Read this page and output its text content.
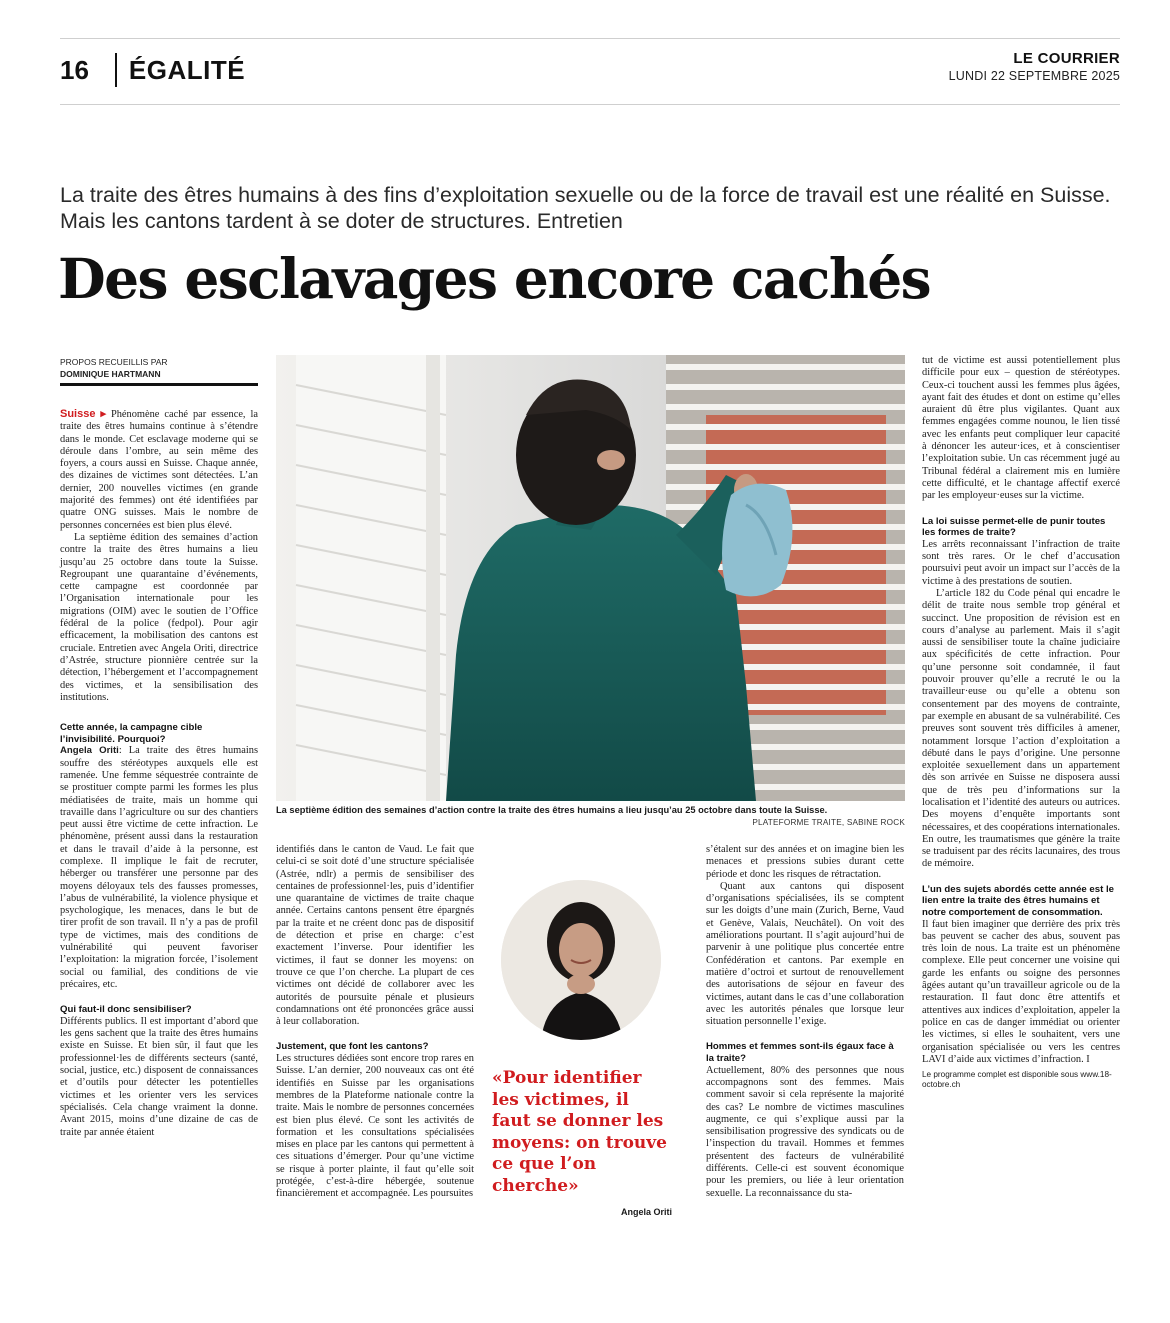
16 ÉGALITÉ	LE COURRIER
LUNDI 22 SEPTEMBRE 2025
La traite des êtres humains à des fins d’exploitation sexuelle ou de la force de travail est une réalité en Suisse. Mais les cantons tardent à se doter de structures. Entretien
Des esclavages encore cachés
PROPOS RECUEILLIS PAR
DOMINIQUE HARTMANN

Suisse ▸ Phénomène caché par essence, la traite des êtres humains continue à s’étendre dans le monde. Cet esclavage moderne qui se déroule dans l’ombre, au sein même des foyers, a cours aussi en Suisse. Chaque année, des dizaines de victimes sont détectées. L’an dernier, 200 nouvelles victimes (en grande majorité des femmes) ont été identifiées par quatre ONG suisses. Mais le nombre de personnes concernées est bien plus élevé.

La septième édition des semaines d’action contre la traite des êtres humains a lieu jusqu’au 25 octobre dans toute la Suisse. Regroupant une quarantaine d’événements, cette campagne est coordonnée par l’Organisation internationale pour les migrations (OIM) avec le soutien de l’Office fédéral de la police (fedpol). Pour agir efficacement, la mobilisation des cantons est cruciale. Entretien avec Angela Oriti, directrice d’Astrée, structure pionnière centrée sur la détection, l’hébergement et l’accompagnement des victimes, et la sensibilisation des institutions.

Cette année, la campagne cible l’invisibilité. Pourquoi?

Angela Oriti: La traite des êtres humains souffre des stéréotypes auxquels elle est ramenée. Une femme séquestrée contrainte de se prostituer compte parmi les formes les plus médiatisées de traite, mais un homme qui travaille dans l’agriculture ou sur des chantiers peut aussi être victime de cette infraction. Le phénomène, présent aussi dans la restauration et dans le travail d’aide à la personne, est complexe. Il implique le fait de recruter, héberger ou transférer une personne par des moyens déloyaux tels des fausses promesses, l’abus de vulnérabilité, la violence physique et psychologique, les menaces, dans le but de tirer profit de son travail. Il n’y a pas de profil type de victimes, mais des conditions de vulnérabilité qui peuvent favoriser l’exploitation: la migration forcée, l’isolement social ou familial, des conditions de vie précaires, etc.

Qui faut-il donc sensibiliser?

Différents publics. Il est important d’abord que les gens sachent que la traite des êtres humains existe en Suisse. Et bien sûr, il faut que les professionnel·les de différents secteurs (santé, social, justice, etc.) disposent de connaissances et d’outils pour détecter les potentielles victimes et les orienter vers les services spécialisés. Cela change vraiment la donne. Avant 2015, moins d’une dizaine de cas de traite par année étaient

La septième édition des semaines d’action contre la traite des êtres humains a lieu jusqu’au 25 octobre dans toute la Suisse.
PLATEFORME TRAITE, SABINE ROCK

identifiés dans le canton de Vaud. Le fait que celui-ci se soit doté d’une structure spécialisée (Astrée, ndlr) a permis de sensibiliser des centaines de professionnel·les, puis d’identifier une quarantaine de victimes de traite chaque année. Certains cantons pensent être épargnés par la traite et ne créent donc pas de dispositif de détection et prise en charge: c’est exactement l’inverse. Pour identifier les victimes, il faut se donner les moyens: on trouve ce que l’on cherche. La plupart de ces victimes ont décidé de collaborer avec les autorités de poursuite pénale et plusieurs condamnations ont été prononcées grâce aussi à leur collaboration.

Justement, que font les cantons?

Les structures dédiées sont encore trop rares en Suisse. L’an dernier, 200 nouveaux cas ont été identifiés en Suisse par les organisations membres de la Plateforme nationale contre la traite. Mais le nombre de personnes concernées est bien plus élevé. Ce sont les activités de formation et les consultations spécialisées mises en place par les cantons qui permettent à ces situations d’émerger. Pour qu’une victime se risque à porter plainte, il faut qu’elle soit protégée, c’est-à-dire hébergée, soutenue financièrement et accompagnée. Les poursuites

«Pour identifier les victimes, il faut se donner les moyens: on trouve ce que l’on cherche»
Angela Oriti

s’étalent sur des années et on imagine bien les menaces et pressions subies durant cette période et donc les risques de rétractation.

Quant aux cantons qui disposent d’organisations spécialisées, ils se comptent sur les doigts d’une main (Zurich, Berne, Vaud et Genève, Valais, Neuchâtel). On voit des améliorations pourtant. Il s’agit aujourd’hui de parvenir à une politique plus concertée entre Confédération et cantons. Par exemple en matière d’octroi et surtout de renouvellement des autorisations de séjour en faveur des victimes, autant dans le cas d’une collaboration avec les autorités pénales que lorsque leur situation personnelle l’exige.

Hommes et femmes sont-ils égaux face à la traite?

Actuellement, 80% des personnes que nous accompagnons sont des femmes. Mais comment savoir si cela représente la majorité des cas? Le nombre de victimes masculines augmente, ce qui s’explique aussi par la sensibilisation progressive des syndicats ou de l’inspection du travail. Hommes et femmes présentent des facteurs de vulnérabilité différents. Celle-ci est souvent économique pour les premiers, ou liée à leur orientation sexuelle. La reconnaissance du sta-

tut de victime est aussi potentiellement plus difficile pour eux – question de stéréotypes. Ceux-ci touchent aussi les femmes plus âgées, ayant fait des études et dont on estime qu’elles auraient dû être plus vigilantes. Quant aux femmes engagées comme nounou, le lien tissé avec les enfants peut compliquer leur capacité à dénoncer les auteur·ices, et à conscientiser l’exploitation subie. Un cas récemment jugé au Tribunal fédéral a clairement mis en lumière cette difficulté, et le chantage affectif exercé par les employeur·euses sur la victime.

La loi suisse permet-elle de punir toutes les formes de traite?

Les arrêts reconnaissant l’infraction de traite sont très rares. Or le chef d’accusation poursuivi peut avoir un impact sur l’accès de la victime à des prestations de soutien.

L’article 182 du Code pénal qui encadre le délit de traite nous semble trop général et succinct. Une proposition de révision est en cours d’analyse au parlement. Mais il s’agit aussi de sensibiliser toute la chaîne judiciaire aux spécificités de cette infraction. Pour qu’une personne soit condamnée, il faut pouvoir prouver qu’elle a recruté le ou la travailleur·euse ou qu’elle a obtenu son consentement par des moyens de contrainte, par exemple en abusant de sa vulnérabilité. Ces preuves sont souvent très difficiles à amener, notamment lorsque l’action d’exploitation a débuté dans le pays d’origine. Une personne exploitée sexuellement dans un appartement dès son arrivée en Suisse ne disposera aussi que de très peu d’informations sur la localisation et l’identité des auteurs ou autrices. Des moyens d’enquête importants sont nécessaires, et des coopérations internationales. En outre, les traumatismes que génère la traite se traduisent par des récits lacunaires, des trous de mémoire.

L’un des sujets abordés cette année est le lien entre la traite des êtres humains et notre comportement de consommation.

Il faut bien imaginer que derrière des prix très bas peuvent se cacher des abus, souvent pas très loin de nous. La traite est un phénomène complexe. Elle peut concerner une voisine qui garde les enfants ou soigne des personnes âgées autant qu’un travailleur agricole ou de la restauration. Il faut donc être attentifs et attentives aux indices d’exploitation, appeler la police en cas de danger immédiat ou orienter les victimes, si elles le souhaitent, vers une organisation spécialisée ou vers les centres LAVI d’aide aux victimes d’infraction. I

Le programme complet est disponible sous www.18-octobre.ch
